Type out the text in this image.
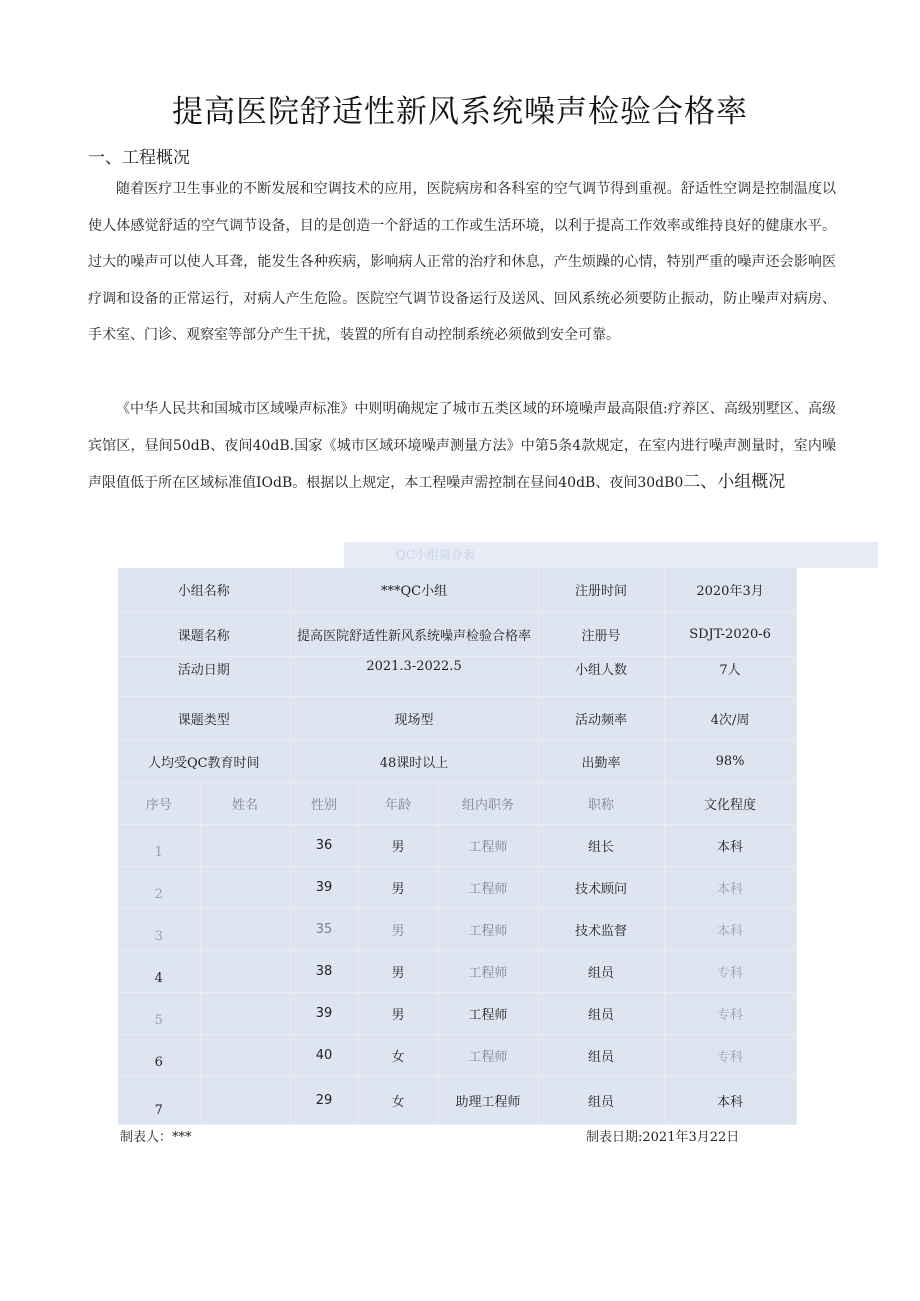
提高医院舒适性新风系统噪声检验合格率
一、工程概况
随着医疗卫生事业的不断发展和空调技术的应用，医院病房和各科室的空气调节得到重视。舒适性空调是控制温度以使人体感觉舒适的空气调节设备，目的是创造一个舒适的工作或生活环境，以利于提高工作效率或维持良好的健康水平。过大的噪声可以使人耳聋，能发生各种疾病，影响病人正常的治疗和休息，产生烦躁的心情，特别严重的噪声还会影响医疗调和设备的正常运行，对病人产生危险。医院空气调节设备运行及送风、回风系统必须要防止振动，防止噪声对病房、手术室、门诊、观察室等部分产生干扰，装置的所有自动控制系统必须做到安全可靠。
《中华人民共和国城市区域噪声标准》中则明确规定了城市五类区域的环境噪声最高限值:疗养区、高级别墅区、高级宾馆区，昼间50dB、夜间40dB.国家《城市区域环境噪声测量方法》中第5条4款规定，在室内进行噪声测量时，室内噪声限值低于所在区域标准值IOdB。根据以上规定，本工程噪声需控制在昼间40dB、夜间30dB0二、小组概况
QC小组简介表
小组名称		***QC小组			注册时间	2020年3月
课题名称		提高医院舒适性新风系统噪声检验合格率			注册号	SDJT-2020-6
活动日期		2021.3-2022.5			小组人数	7人

课题类型		现场型			活动频率	4次/周
人均受QC教育时间		48课时以上			出勤率	98%
序号	姓名	性别	年龄	组内职务	职称	文化程度
1		36	男	工程师	组长	本科
2		39	男	工程师	技术顾问	本科
3		35	男	工程师	技术监督	本科
4		38	男	工程师	组员	专科
5		39	男	工程师	组员	专科
6		40	女	工程师	组员	专科
7		29	女	助理工程师	组员	本科
制表人：***	制表日期:2021年3月22日
